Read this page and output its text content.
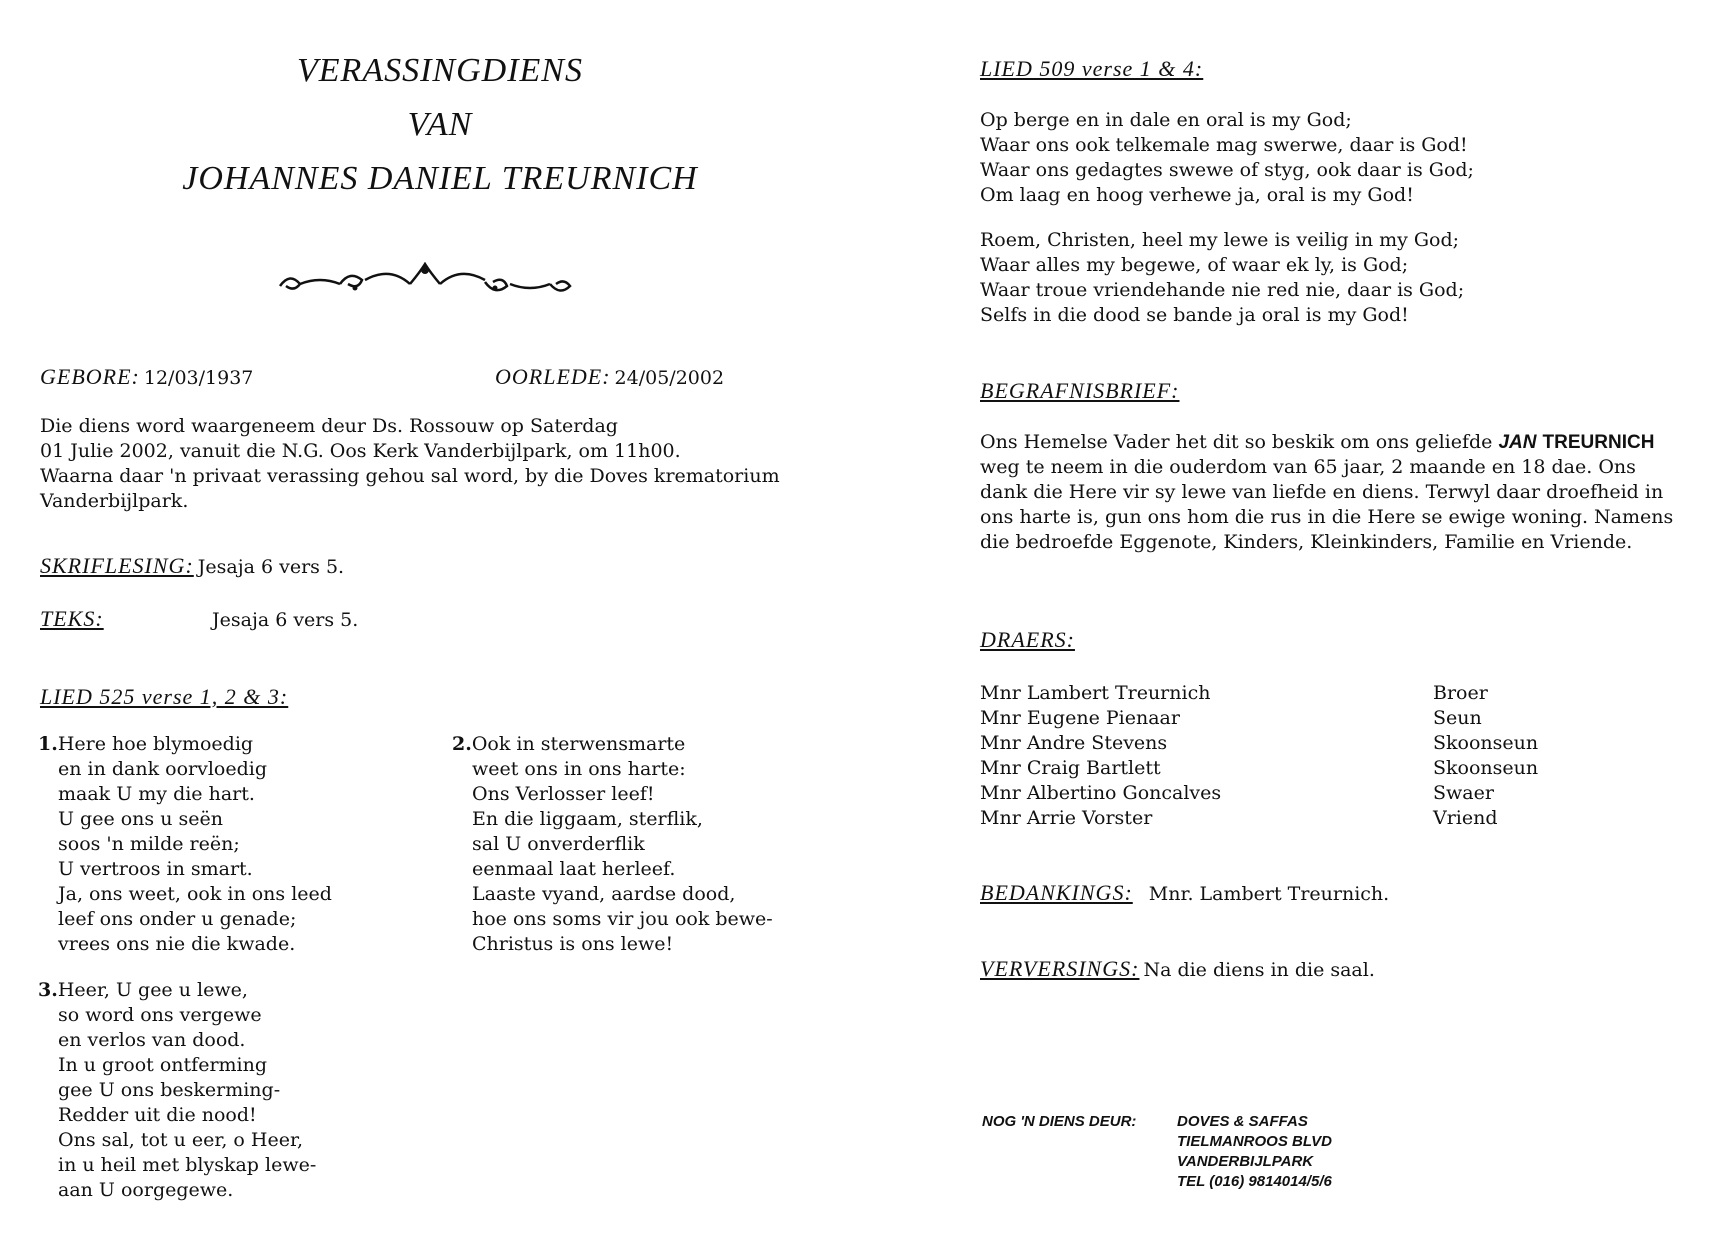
VERASSINGDIENS
VAN
JOHANNES DANIEL TREURNICH
GEBORE: 12/03/1937	OORLEDE: 24/05/2002
Die diens word waargeneem deur Ds. Rossouw op Saterdag
01 Julie 2002, vanuit die N.G. Oos Kerk Vanderbijlpark, om 11h00.
Waarna daar 'n privaat verassing gehou sal word, by die Doves krematorium
Vanderbijlpark.
SKRIFLESING: Jesaja 6 vers 5.
TEKS:	Jesaja 6 vers 5.
LIED 525 verse 1, 2 & 3:
1.Here hoe blymoedig
en in dank oorvloedig
maak U my die hart.
U gee ons u seën
soos 'n milde reën;
U vertroos in smart.
Ja, ons weet, ook in ons leed
leef ons onder u genade;
vrees ons nie die kwade.
2.Ook in sterwensmarte
weet ons in ons harte:
Ons Verlosser leef!
En die liggaam, sterflik,
sal U onverderflik
eenmaal laat herleef.
Laaste vyand, aardse dood,
hoe ons soms vir jou ook bewe-
Christus is ons lewe!
3.Heer, U gee u lewe,
so word ons vergewe
en verlos van dood.
In u groot ontferming
gee U ons beskerming-
Redder uit die nood!
Ons sal, tot u eer, o Heer,
in u heil met blyskap lewe-
aan U oorgegewe.
LIED 509 verse 1 & 4:
Op berge en in dale en oral is my God;
Waar ons ook telkemale mag swerwe, daar is God!
Waar ons gedagtes swewe of styg, ook daar is God;
Om laag en hoog verhewe ja, oral is my God!
Roem, Christen, heel my lewe is veilig in my God;
Waar alles my begewe, of waar ek ly, is God;
Waar troue vriendehande nie red nie, daar is God;
Selfs in die dood se bande ja oral is my God!
BEGRAFNISBRIEF:
Ons Hemelse Vader het dit so beskik om ons geliefde JAN TREURNICH weg te neem in die ouderdom van 65 jaar, 2 maande en 18 dae. Ons dank die Here vir sy lewe van liefde en diens. Terwyl daar droefheid in ons harte is, gun ons hom die rus in die Here se ewige woning. Namens die bedroefde Eggenote, Kinders, Kleinkinders, Familie en Vriende.
DRAERS:
Mnr Lambert Treurnich	Broer
Mnr Eugene Pienaar	Seun
Mnr Andre Stevens	Skoonseun
Mnr Craig Bartlett	Skoonseun
Mnr Albertino Goncalves	Swaer
Mnr Arrie Vorster	Vriend
BEDANKINGS: Mnr. Lambert Treurnich.
VERVERSINGS: Na die diens in die saal.
NOG 'N DIENS DEUR:	DOVES & SAFFAS
TIELMANROOS BLVD
VANDERBIJLPARK
TEL (016) 9814014/5/6
